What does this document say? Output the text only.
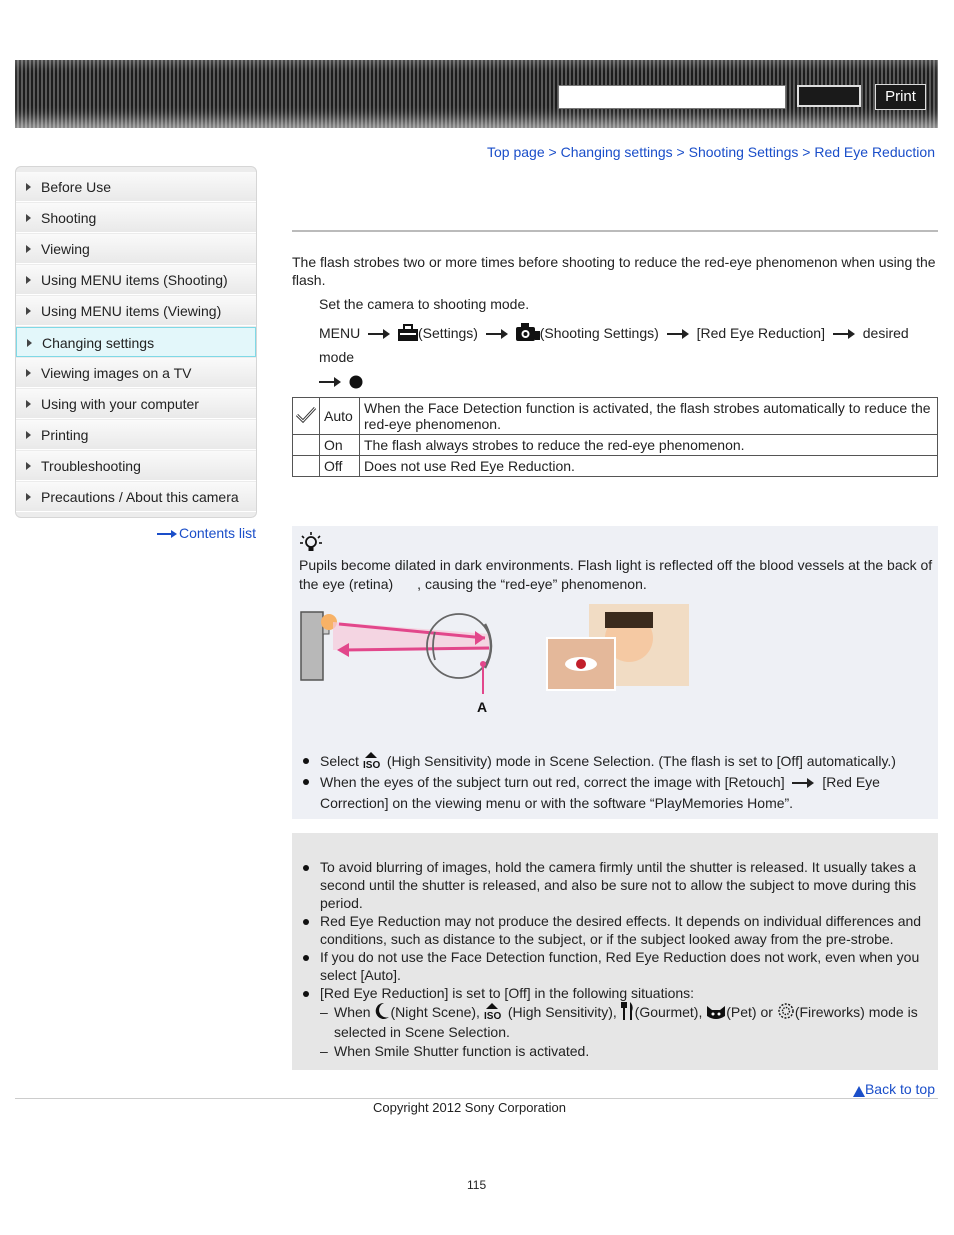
Print
Top page > Changing settings > Shooting Settings > Red Eye Reduction
Before Use
Shooting
Viewing
Using MENU items (Shooting)
Using MENU items (Viewing)
Changing settings
Viewing images on a TV
Using with your computer
Printing
Troubleshooting
Precautions / About this camera
Contents list
The flash strobes two or more times before shooting to reduce the red-eye phenomenon when using the flash.
Set the camera to shooting mode.
MENU	(Settings)	(Shooting Settings)	[Red Eye Reduction]	desired mode

	Auto	When the Face Detection function is activated, the flash strobes automatically to reduce the red-eye phenomenon.
	On	The flash always strobes to reduce the red-eye phenomenon.
	Off	Does not use Red Eye Reduction.
Pupils become dilated in dark environments. Flash light is reflected off the blood vessels at the back of the eye (retina) , causing the “red-eye” phenomenon.
A
Select ISO (High Sensitivity) mode in Scene Selection. (The flash is set to [Off] automatically.)
When the eyes of the subject turn out red, correct the image with [Retouch]	[Red Eye Correction] on the viewing menu or with the software “PlayMemories Home”.
To avoid blurring of images, hold the camera firmly until the shutter is released. It usually takes a second until the shutter is released, and also be sure not to allow the subject to move during this period.
Red Eye Reduction may not produce the desired effects. It depends on individual differences and conditions, such as distance to the subject, or if the subject looked away from the pre-strobe.
If you do not use the Face Detection function, Red Eye Reduction does not work, even when you select [Auto].
[Red Eye Reduction] is set to [Off] in the following situations:
– When (Night Scene), ISO (High Sensitivity), (Gourmet), (Pet) or (Fireworks) mode is selected in Scene Selection.
– When Smile Shutter function is activated.
Back to top
Copyright 2012 Sony Corporation
115
